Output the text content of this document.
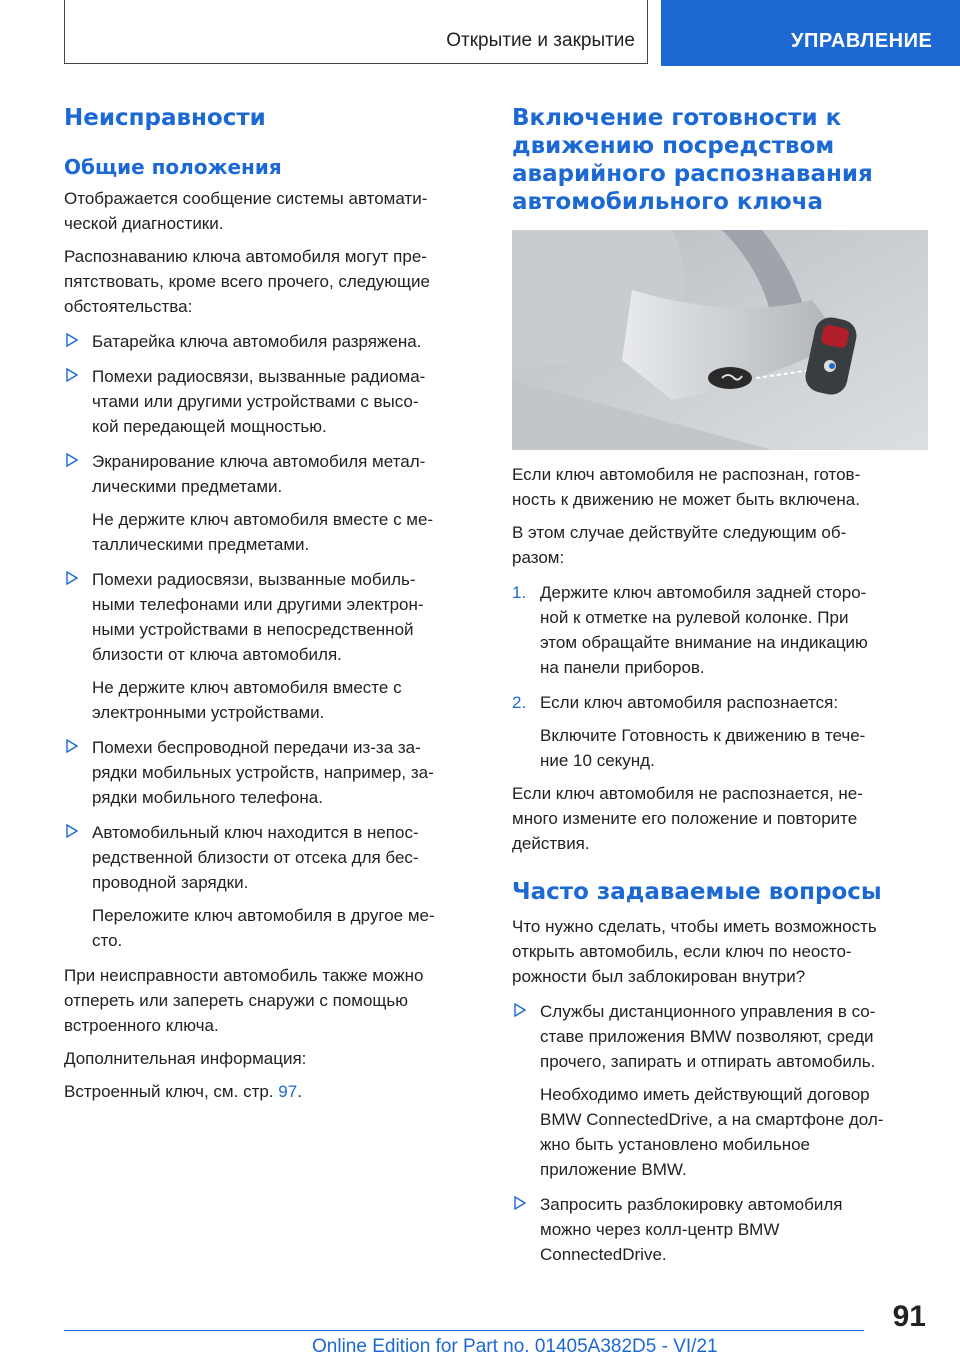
Открытие и закрытие	УПРАВЛЕНИЕ
Неисправности
Общие положения

Отображается сообщение системы автомати-
ческой диагностики.

Распознаванию ключа автомобиля могут пре-
пятствовать, кроме всего прочего, следующие
обстоятельства:

Батарейка ключа автомобиля разряжена.

Помехи радиосвязи, вызванные радиома-
чтами или другими устройствами с высо-
кой передающей мощностью.

Экранирование ключа автомобиля метал-
лическими предметами.

Не держите ключ автомобиля вместе с ме-
таллическими предметами.

Помехи радиосвязи, вызванные мобиль-
ными телефонами или другими электрон-
ными устройствами в непосредственной
близости от ключа автомобиля.

Не держите ключ автомобиля вместе с
электронными устройствами.

Помехи беспроводной передачи из-за за-
рядки мобильных устройств, например, за-
рядки мобильного телефона.

Автомобильный ключ находится в непос-
редственной близости от отсека для бес-
проводной зарядки.

Переложите ключ автомобиля в другое ме-
сто.

При неисправности автомобиль также можно
отпереть или запереть снаружи с помощью
встроенного ключа.

Дополнительная информация:

Встроенный ключ, см. стр. 97.

Включение готовности к
движению посредством
аварийного распознавания
автомобильного ключа

Если ключ автомобиля не распознан, готов-
ность к движению не может быть включена.

В этом случае действуйте следующим об-
разом:

1. Держите ключ автомобиля задней сторо-
ной к отметке на рулевой колонке. При
этом обращайте внимание на индикацию
на панели приборов.

2. Если ключ автомобиля распознается:

Включите Готовность к движению в тече-
ние 10 секунд.

Если ключ автомобиля не распознается, не-
много измените его положение и повторите
действия.

Часто задаваемые вопросы

Что нужно сделать, чтобы иметь возможность
открыть автомобиль, если ключ по неосто-
рожности был заблокирован внутри?

Службы дистанционного управления в со-
ставе приложения BMW позволяют, среди
прочего, запирать и отпирать автомобиль.

Необходимо иметь действующий договор
BMW ConnectedDrive, а на смартфоне дол-
жно быть установлено мобильное
приложение BMW.

Запросить разблокировку автомобиля
можно через колл-центр BMW
ConnectedDrive.

91
Online Edition for Part no. 01405A382D5 - VI/21
